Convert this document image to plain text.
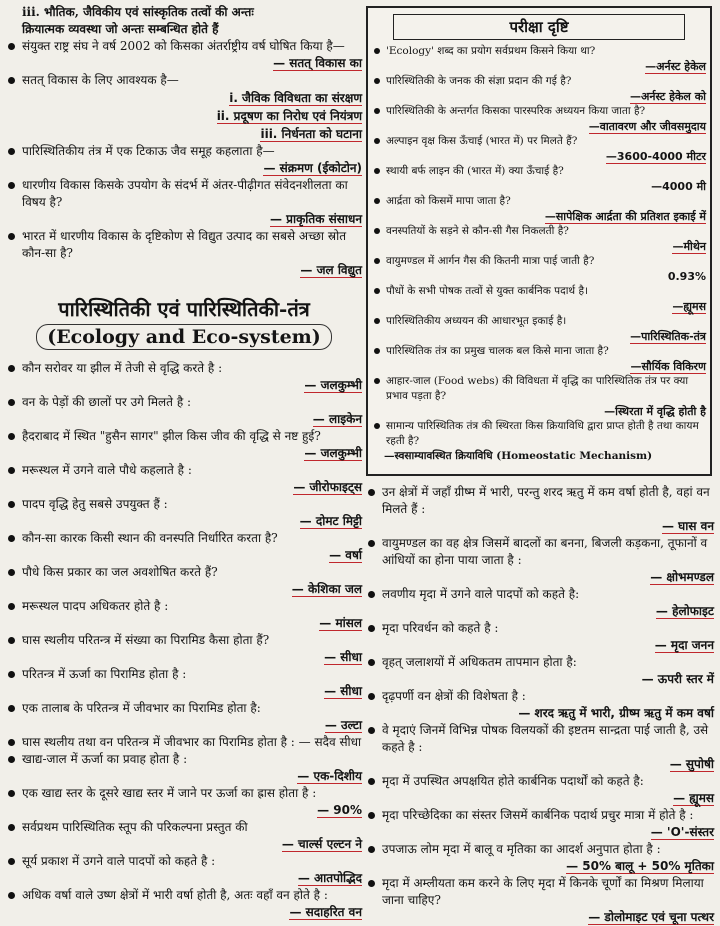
iii. भौतिक, जैविकीय एवं सांस्कृतिक तत्वों की अन्तः
क्रियात्मक व्यवस्था जो अन्तः सम्बन्धित होते हैं
संयुक्त राष्ट्र संघ ने वर्ष 2002 को किसका अंतर्राष्ट्रीय वर्ष घोषित किया है—
— सतत् विकास का
सतत् विकास के लिए आवश्यक है—
i. जैविक विविधता का संरक्षण
ii. प्रदूषण का निरोध एवं नियंत्रण
iii. निर्धनता को घटाना
पारिस्थितिकीय तंत्र में एक टिकाऊ जैव समूह कहलाता है—
— संक्रमण (ईकोटोन)
धारणीय विकास किसके उपयोग के संदर्भ में अंतर-पीढ़ीगत संवेदनशीलता का विषय है?
— प्राकृतिक संसाधन
भारत में धारणीय विकास के दृष्टिकोण से विद्युत उत्पाद का सबसे अच्छा स्रोत कौन-सा है?
— जल विद्युत
पारिस्थितिकी एवं पारिस्थितिकी-तंत्र
(Ecology and Eco-system)
कौन सरोवर या झील में तेजी से वृद्धि करते है :
— जलकुम्भी
वन के पेड़ों की छालों पर उगे मिलते है :
— लाइकेन
हैदराबाद में स्थित "हुसैन सागर" झील किस जीव की वृद्धि से नष्ट हुई?
— जलकुम्भी
मरूस्थल में उगने वाले पौधे कहलाते है :
— जीरोफाइट्स
पादप वृद्धि हेतु सबसे उपयुक्त हैं :
— दोमट मिट्टी
कौन-सा कारक किसी स्थान की वनस्पति निर्धारित करता है?
— वर्षा
पौधे किस प्रकार का जल अवशोषित करते हैं?
— केशिका जल
मरूस्थल पादप अधिकतर होते है :
— मांसल
घास स्थलीय परितन्त्र में संख्या का पिरामिड कैसा होता हैं?
— सीधा
परितन्त्र में ऊर्जा का पिरामिड होता है :
— सीधा
एक तालाब के परितन्त्र में जीवभार का पिरामिड होता है:
— उल्टा
घास स्थलीय तथा वन परितन्त्र में जीवभार का पिरामिड होता है : — सदैव सीधा
खाद्य-जाल में ऊर्जा का प्रवाह होता है :
— एक-दिशीय
एक खाद्य स्तर के दूसरे खाद्य स्तर में जाने पर ऊर्जा का ह्रास होता है :
— 90%
सर्वप्रथम पारिस्थितिक स्तूप की परिकल्पना प्रस्तुत की
— चार्ल्स एल्टन ने
सूर्य प्रकाश में उगने वाले पादपों को कहते है :
— आतपोद्भिद
अधिक वर्षा वाले उष्ण क्षेत्रों में भारी वर्षा होती है, अतः वहाँ वन होते है :
— सदाहरित वन
परीक्षा दृष्टि
'Ecology' शब्द का प्रयोग सर्वप्रथम किसने किया था?
—अर्नस्ट हेकेल
पारिस्थितिकी के जनक की संज्ञा प्रदान की गई है?
—अर्नस्ट हेकेल को
पारिस्थितिकी के अन्तर्गत किसका पारस्परिक अध्ययन किया जाता है?
—वातावरण और जीवसमुदाय
अल्पाइन वृक्ष किस ऊँचाई (भारत में) पर मिलते हैं?
—3600-4000 मीटर
स्थायी बर्फ लाइन की (भारत में) क्या ऊँचाई है?
—4000 मी
आर्द्रता को किसमें मापा जाता है?
—सापेक्षिक आर्द्रता की प्रतिशत इकाई में
वनस्पतियों के सड़ने से कौन-सी गैस निकलती है?
—मीथेन
वायुमण्डल में आर्गन गैस की कितनी मात्रा पाई जाती है?
0.93%
पौधों के सभी पोषक तत्वों से युक्त कार्बनिक पदार्थ है।
—ह्यूमस
पारिस्थितिकीय अध्ययन की आधारभूत इकाई है।
—पारिस्थितिक-तंत्र
पारिस्थितिक तंत्र का प्रमुख चालक बल किसे माना जाता है?
—सौर्यिक विकिरण
आहार-जाल (Food webs) की विविधता में वृद्धि का पारिस्थितिक तंत्र पर क्या प्रभाव पड़ता है?
—स्थिरता में वृद्धि होती है
सामान्य पारिस्थितिक तंत्र की स्थिरता किस क्रियाविधि द्वारा प्राप्त होती है तथा कायम रहती है?
—स्वसाम्यावस्थित क्रियाविधि (Homeostatic Mechanism)
उन क्षेत्रों में जहाँ ग्रीष्म में भारी, परन्तु शरद ऋतु में कम वर्षा होती है, वहां वन मिलते हैं :
— घास वन
वायुमण्डल का वह क्षेत्र जिसमें बादलों का बनना, बिजली कड़कना, तूफानों व आंधियों का होना पाया जाता है :
— क्षोभमण्डल
लवणीय मृदा में उगने वाले पादपों को कहते है:
— हेलोफाइट
मृदा परिवर्धन को कहते है :
— मृदा जनन
वृहत् जलाशयों में अधिकतम तापमान होता है:
— ऊपरी स्तर में
दृढ़पर्णी वन क्षेत्रों की विशेषता है :
— शरद ऋतु में भारी, ग्रीष्म ऋतु में कम वर्षा
वे मृदाएं जिनमें विभिन्न पोषक विलयकों की इष्टतम सान्द्रता पाई जाती है, उसे कहते है :
— सुपोषी
मृदा में उपस्थित अपक्षयित होते कार्बनिक पदार्थों को कहते है:
— ह्यूमस
मृदा परिच्छेदिका का संस्तर जिसमें कार्बनिक पदार्थ प्रचुर मात्रा में होते है :
— 'O'-संस्तर
उपजाऊ लोम मृदा में बालू व मृतिका का आदर्श अनुपात होता है :
— 50% बालू + 50% मृतिका
मृदा में अम्लीयता कम करने के लिए मृदा में किनके चूर्णों का मिश्रण मिलाया जाना चाहिए?
— डोलोमाइट एवं चूना पत्थर
